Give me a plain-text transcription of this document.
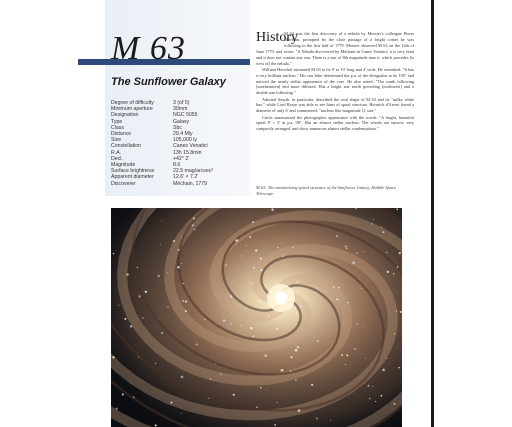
M 63
The Sunflower Galaxy
Degree of difficulty	3 (of 5)
Minimum aperture	30mm
Designation	NGC 5055
Type	Galaxy
Class	Sbc
Distance	29.4 Mly
Size	105,000 ly
Constellation	Canes Venatici
R.A.	13h 15.8min
Decl.	+42° 2'
Magnitude	8.6
Surface brightness	22.5 mag/arcsec²
Apparent diameter	12.6' × 7.2'
Discoverer	Méchain, 1779
History

M 63 was the first discovery of a nebula by Messier's colleague Pierre Méchain, prompted by the close passage of a bright comet he was following in the first half of 1779. Messier observed M 63 on the 14th of June 1779, and wrote: "A Nebula discovered by Méchain in Canes Venatici; it is very faint and it does not contain any star. There is a star of 8th magnitude near it, which precedes [is west of] the nebula."

William Herschel estimated M 63 to be 9' to 10' long and 4' wide. He remarked: "It has a very brilliant nucleus." His son John determined the p.a. of the elongation to be 105° and noticed the nearly stellar appearance of the core. He also noted: "The south following [southeastern] end more diffused. Has a bright star north preceding [northwest] and a double star following."

Admiral Smyth, in particular, described the oval shape of M 63 and its "milky white hue," while Lord Rosse was able to see hints of spiral structure. Heinrich d'Arrest found a diameter of only 6' and commented: "nucleus like magnitude 11 star."

Curtis summarized the photographic appearance with the words: "A bright, beautiful spiral 8' × 3' in p.a. 98°. Has an almost stellar nucleus. The whorls are narrow, very compactly arranged, and show numerous almost stellar condensations."

M 63: The mesmerizing spiral structure of the Sunflower Galaxy, Hubble Space Telescope
